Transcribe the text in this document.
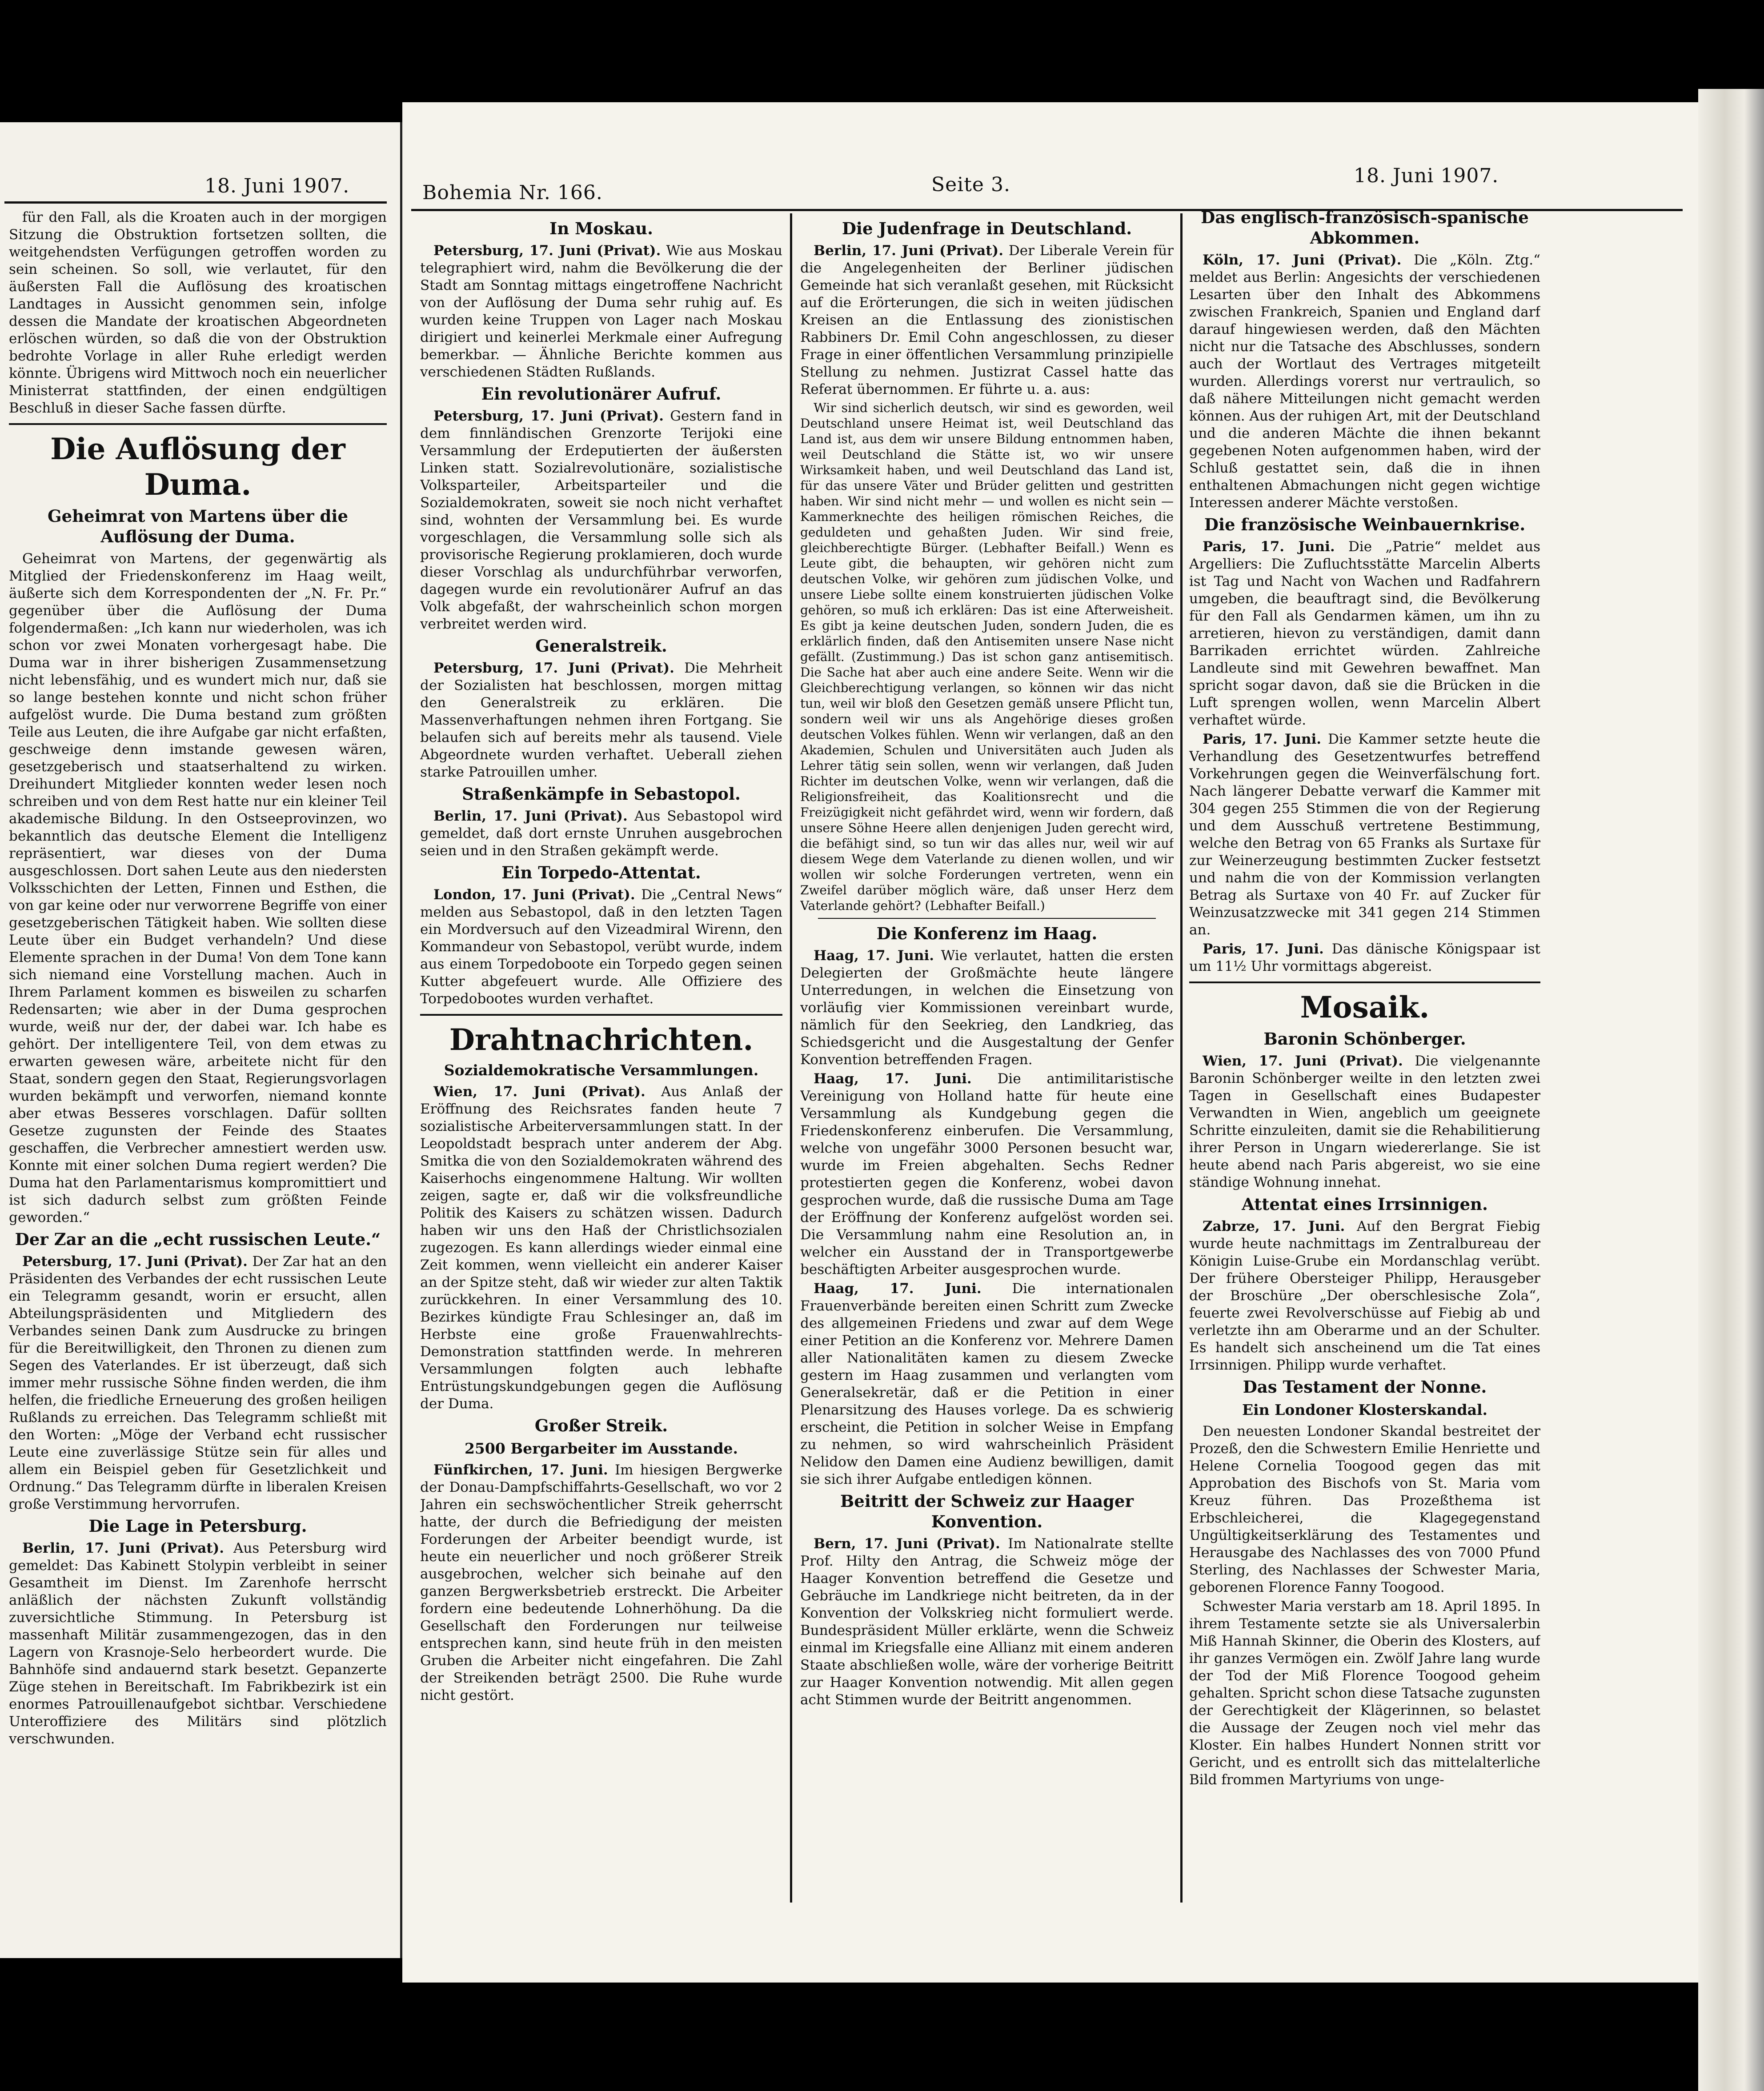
18. Juni 1907.

für den Fall, als die Kroaten auch in der morgigen Sitzung die Obstruktion fortsetzen sollten, die weitgehendsten Verfügungen getroffen worden zu sein scheinen. So soll, wie verlautet, für den äußersten Fall die Auflösung des kroatischen Landtages in Aussicht genommen sein, infolge dessen die Mandate der kroatischen Abgeordneten erlöschen würden, so daß die von der Obstruktion bedrohte Vorlage in aller Ruhe erledigt werden könnte. Übrigens wird Mittwoch noch ein neuerlicher Ministerrat stattfinden, der einen endgültigen Beschluß in dieser Sache fassen dürfte.

Die Auflösung der Duma.
Geheimrat von Martens über die Auflösung der Duma.

Geheimrat von Martens, der gegenwärtig als Mitglied der Friedenskonferenz im Haag weilt, äußerte sich dem Korrespondenten der „N. Fr. Pr.“ gegenüber über die Auflösung der Duma folgendermaßen: „Ich kann nur wiederholen, was ich schon vor zwei Monaten vorhergesagt habe. Die Duma war in ihrer bisherigen Zusammensetzung nicht lebensfähig, und es wundert mich nur, daß sie so lange bestehen konnte und nicht schon früher aufgelöst wurde. Die Duma bestand zum größten Teile aus Leuten, die ihre Aufgabe gar nicht erfaßten, geschweige denn imstande gewesen wären, gesetzgeberisch und staatserhaltend zu wirken. Dreihundert Mitglieder konnten weder lesen noch schreiben und von dem Rest hatte nur ein kleiner Teil akademische Bildung. In den Ostseeprovinzen, wo bekanntlich das deutsche Element die Intelligenz repräsentiert, war dieses von der Duma ausgeschlossen. Dort sahen Leute aus den niedersten Volksschichten der Letten, Finnen und Esthen, die von gar keine oder nur verworrene Begriffe von einer gesetzgeberischen Tätigkeit haben. Wie sollten diese Leute über ein Budget verhandeln? Und diese Elemente sprachen in der Duma! Von dem Tone kann sich niemand eine Vorstellung machen. Auch in Ihrem Parlament kommen es bisweilen zu scharfen Redensarten; wie aber in der Duma gesprochen wurde, weiß nur der, der dabei war. Ich habe es gehört. Der intelligentere Teil, von dem etwas zu erwarten gewesen wäre, arbeitete nicht für den Staat, sondern gegen den Staat, Regierungsvorlagen wurden bekämpft und verworfen, niemand konnte aber etwas Besseres vorschlagen. Dafür sollten Gesetze zugunsten der Feinde des Staates geschaffen, die Verbrecher amnestiert werden usw. Konnte mit einer solchen Duma regiert werden? Die Duma hat den Parlamentarismus kompromittiert und ist sich dadurch selbst zum größten Feinde geworden.“

Der Zar an die „echt russischen Leute.“

Petersburg, 17. Juni (Privat). Der Zar hat an den Präsidenten des Verbandes der echt russischen Leute ein Telegramm gesandt, worin er ersucht, allen Abteilungspräsidenten und Mitgliedern des Verbandes seinen Dank zum Ausdrucke zu bringen für die Bereitwilligkeit, den Thronen zu dienen zum Segen des Vaterlandes. Er ist überzeugt, daß sich immer mehr russische Söhne finden werden, die ihm helfen, die friedliche Erneuerung des großen heiligen Rußlands zu erreichen. Das Telegramm schließt mit den Worten: „Möge der Verband echt russischer Leute eine zuverlässige Stütze sein für alles und allem ein Beispiel geben für Gesetzlichkeit und Ordnung.“ Das Telegramm dürfte in liberalen Kreisen große Verstimmung hervorrufen.

Die Lage in Petersburg.

Berlin, 17. Juni (Privat). Aus Petersburg wird gemeldet: Das Kabinett Stolypin verbleibt in seiner Gesamtheit im Dienst. Im Zarenhofe herrscht anläßlich der nächsten Zukunft vollständig zuversichtliche Stimmung. In Petersburg ist massenhaft Militär zusammengezogen, das in den Lagern von Krasnoje-Selo herbeordert wurde. Die Bahnhöfe sind andauernd stark besetzt. Gepanzerte Züge stehen in Bereitschaft. Im Fabrikbezirk ist ein enormes Patrouillenaufgebot sichtbar. Verschiedene Unteroffiziere des Militärs sind plötzlich verschwunden.

Bohemia Nr. 166.	Seite 3.	18. Juni 1907.
In Moskau.

Petersburg, 17. Juni (Privat). Wie aus Moskau telegraphiert wird, nahm die Bevölkerung die der Stadt am Sonntag mittags eingetroffene Nachricht von der Auflösung der Duma sehr ruhig auf. Es wurden keine Truppen von Lager nach Moskau dirigiert und keinerlei Merkmale einer Aufregung bemerkbar. — Ähnliche Berichte kommen aus verschiedenen Städten Rußlands.

Ein revolutionärer Aufruf.

Petersburg, 17. Juni (Privat). Gestern fand in dem finnländischen Grenzorte Terijoki eine Versammlung der Erdeputierten der äußersten Linken statt. Sozialrevolutionäre, sozialistische Volksparteiler, Arbeitsparteiler und die Sozialdemokraten, soweit sie noch nicht verhaftet sind, wohnten der Versammlung bei. Es wurde vorgeschlagen, die Versammlung solle sich als provisorische Regierung proklamieren, doch wurde dieser Vorschlag als undurchführbar verworfen, dagegen wurde ein revolutionärer Aufruf an das Volk abgefaßt, der wahrscheinlich schon morgen verbreitet werden wird.

Generalstreik.

Petersburg, 17. Juni (Privat). Die Mehrheit der Sozialisten hat beschlossen, morgen mittag den Generalstreik zu erklären. Die Massenverhaftungen nehmen ihren Fortgang. Sie belaufen sich auf bereits mehr als tausend. Viele Abgeordnete wurden verhaftet. Ueberall ziehen starke Patrouillen umher.

Straßenkämpfe in Sebastopol.

Berlin, 17. Juni (Privat). Aus Sebastopol wird gemeldet, daß dort ernste Unruhen ausgebrochen seien und in den Straßen gekämpft werde.

Ein Torpedo-Attentat.

London, 17. Juni (Privat). Die „Central News“ melden aus Sebastopol, daß in den letzten Tagen ein Mordversuch auf den Vizeadmiral Wirenn, den Kommandeur von Sebastopol, verübt wurde, indem aus einem Torpedoboote ein Torpedo gegen seinen Kutter abgefeuert wurde. Alle Offiziere des Torpedobootes wurden verhaftet.

Drahtnachrichten.
Sozialdemokratische Versammlungen.

Wien, 17. Juni (Privat). Aus Anlaß der Eröffnung des Reichsrates fanden heute 7 sozialistische Arbeiterversammlungen statt. In der Leopoldstadt besprach unter anderem der Abg. Smitka die von den Sozialdemokraten während des Kaiserhochs eingenommene Haltung. Wir wollten zeigen, sagte er, daß wir die volksfreundliche Politik des Kaisers zu schätzen wissen. Dadurch haben wir uns den Haß der Christlichsozialen zugezogen. Es kann allerdings wieder einmal eine Zeit kommen, wenn vielleicht ein anderer Kaiser an der Spitze steht, daß wir wieder zur alten Taktik zurückkehren. In einer Versammlung des 10. Bezirkes kündigte Frau Schlesinger an, daß im Herbste eine große Frauenwahlrechts-Demonstration stattfinden werde. In mehreren Versammlungen folgten auch lebhafte Entrüstungskundgebungen gegen die Auflösung der Duma.

Großer Streik.
2500 Bergarbeiter im Ausstande.

Fünfkirchen, 17. Juni. Im hiesigen Bergwerke der Donau-Dampfschiffahrts-Gesellschaft, wo vor 2 Jahren ein sechswöchentlicher Streik geherrscht hatte, der durch die Befriedigung der meisten Forderungen der Arbeiter beendigt wurde, ist heute ein neuerlicher und noch größerer Streik ausgebrochen, welcher sich beinahe auf den ganzen Bergwerksbetrieb erstreckt. Die Arbeiter fordern eine bedeutende Lohnerhöhung. Da die Gesellschaft den Forderungen nur teilweise entsprechen kann, sind heute früh in den meisten Gruben die Arbeiter nicht eingefahren. Die Zahl der Streikenden beträgt 2500. Die Ruhe wurde nicht gestört.

Die Judenfrage in Deutschland.

Berlin, 17. Juni (Privat). Der Liberale Verein für die Angelegenheiten der Berliner jüdischen Gemeinde hat sich veranlaßt gesehen, mit Rücksicht auf die Erörterungen, die sich in weiten jüdischen Kreisen an die Entlassung des zionistischen Rabbiners Dr. Emil Cohn angeschlossen, zu dieser Frage in einer öffentlichen Versammlung prinzipielle Stellung zu nehmen. Justizrat Cassel hatte das Referat übernommen. Er führte u. a. aus:

Wir sind sicherlich deutsch, wir sind es geworden, weil Deutschland unsere Heimat ist, weil Deutschland das Land ist, aus dem wir unsere Bildung entnommen haben, weil Deutschland die Stätte ist, wo wir unsere Wirksamkeit haben, und weil Deutschland das Land ist, für das unsere Väter und Brüder gelitten und gestritten haben. Wir sind nicht mehr — und wollen es nicht sein — Kammerknechte des heiligen römischen Reiches, die geduldeten und gehaßten Juden. Wir sind freie, gleichberechtigte Bürger. (Lebhafter Beifall.) Wenn es Leute gibt, die behaupten, wir gehören nicht zum deutschen Volke, wir gehören zum jüdischen Volke, und unsere Liebe sollte einem konstruierten jüdischen Volke gehören, so muß ich erklären: Das ist eine Afterweisheit. Es gibt ja keine deutschen Juden, sondern Juden, die es erklärlich finden, daß den Antisemiten unsere Nase nicht gefällt. (Zustimmung.) Das ist schon ganz antisemitisch. Die Sache hat aber auch eine andere Seite. Wenn wir die Gleichberechtigung verlangen, so können wir das nicht tun, weil wir bloß den Gesetzen gemäß unsere Pflicht tun, sondern weil wir uns als Angehörige dieses großen deutschen Volkes fühlen. Wenn wir verlangen, daß an den Akademien, Schulen und Universitäten auch Juden als Lehrer tätig sein sollen, wenn wir verlangen, daß Juden Richter im deutschen Volke, wenn wir verlangen, daß die Religionsfreiheit, das Koalitionsrecht und die Freizügigkeit nicht gefährdet wird, wenn wir fordern, daß unsere Söhne Heere allen denjenigen Juden gerecht wird, die befähigt sind, so tun wir das alles nur, weil wir auf diesem Wege dem Vaterlande zu dienen wollen, und wir wollen wir solche Forderungen vertreten, wenn ein Zweifel darüber möglich wäre, daß unser Herz dem Vaterlande gehört? (Lebhafter Beifall.)

Die Konferenz im Haag.

Haag, 17. Juni. Wie verlautet, hatten die ersten Delegierten der Großmächte heute längere Unterredungen, in welchen die Einsetzung von vorläufig vier Kommissionen vereinbart wurde, nämlich für den Seekrieg, den Landkrieg, das Schiedsgericht und die Ausgestaltung der Genfer Konvention betreffenden Fragen.

Haag, 17. Juni. Die antimilitaristische Vereinigung von Holland hatte für heute eine Versammlung als Kundgebung gegen die Friedenskonferenz einberufen. Die Versammlung, welche von ungefähr 3000 Personen besucht war, wurde im Freien abgehalten. Sechs Redner protestierten gegen die Konferenz, wobei davon gesprochen wurde, daß die russische Duma am Tage der Eröffnung der Konferenz aufgelöst worden sei. Die Versammlung nahm eine Resolution an, in welcher ein Ausstand der in Transportgewerbe beschäftigten Arbeiter ausgesprochen wurde.

Haag, 17. Juni. Die internationalen Frauenverbände bereiten einen Schritt zum Zwecke des allgemeinen Friedens und zwar auf dem Wege einer Petition an die Konferenz vor. Mehrere Damen aller Nationalitäten kamen zu diesem Zwecke gestern im Haag zusammen und verlangten vom Generalsekretär, daß er die Petition in einer Plenarsitzung des Hauses vorlege. Da es schwierig erscheint, die Petition in solcher Weise in Empfang zu nehmen, so wird wahrscheinlich Präsident Nelidow den Damen eine Audienz bewilligen, damit sie sich ihrer Aufgabe entledigen können.

Beitritt der Schweiz zur Haager Konvention.

Bern, 17. Juni (Privat). Im Nationalrate stellte Prof. Hilty den Antrag, die Schweiz möge der Haager Konvention betreffend die Gesetze und Gebräuche im Landkriege nicht beitreten, da in der Konvention der Volkskrieg nicht formuliert werde. Bundespräsident Müller erklärte, wenn die Schweiz einmal im Kriegsfalle eine Allianz mit einem anderen Staate abschließen wolle, wäre der vorherige Beitritt zur Haager Konvention notwendig. Mit allen gegen acht Stimmen wurde der Beitritt angenommen.

Das englisch-französisch-spanische Abkommen.

Köln, 17. Juni (Privat). Die „Köln. Ztg.“ meldet aus Berlin: Angesichts der verschiedenen Lesarten über den Inhalt des Abkommens zwischen Frankreich, Spanien und England darf darauf hingewiesen werden, daß den Mächten nicht nur die Tatsache des Abschlusses, sondern auch der Wortlaut des Vertrages mitgeteilt wurden. Allerdings vorerst nur vertraulich, so daß nähere Mitteilungen nicht gemacht werden können. Aus der ruhigen Art, mit der Deutschland und die anderen Mächte die ihnen bekannt gegebenen Noten aufgenommen haben, wird der Schluß gestattet sein, daß die in ihnen enthaltenen Abmachungen nicht gegen wichtige Interessen anderer Mächte verstoßen.

Die französische Weinbauernkrise.

Paris, 17. Juni. Die „Patrie“ meldet aus Argelliers: Die Zufluchtsstätte Marcelin Alberts ist Tag und Nacht von Wachen und Radfahrern umgeben, die beauftragt sind, die Bevölkerung für den Fall als Gendarmen kämen, um ihn zu arretieren, hievon zu verständigen, damit dann Barrikaden errichtet würden. Zahlreiche Landleute sind mit Gewehren bewaffnet. Man spricht sogar davon, daß sie die Brücken in die Luft sprengen wollen, wenn Marcelin Albert verhaftet würde.

Paris, 17. Juni. Die Kammer setzte heute die Verhandlung des Gesetzentwurfes betreffend Vorkehrungen gegen die Weinverfälschung fort. Nach längerer Debatte verwarf die Kammer mit 304 gegen 255 Stimmen die von der Regierung und dem Ausschuß vertretene Bestimmung, welche den Betrag von 65 Franks als Surtaxe für zur Weinerzeugung bestimmten Zucker festsetzt und nahm die von der Kommission verlangten Betrag als Surtaxe von 40 Fr. auf Zucker für Weinzusatzzwecke mit 341 gegen 214 Stimmen an.

Paris, 17. Juni. Das dänische Königspaar ist um 11½ Uhr vormittags abgereist.

Mosaik.
Baronin Schönberger.

Wien, 17. Juni (Privat). Die vielgenannte Baronin Schönberger weilte in den letzten zwei Tagen in Gesellschaft eines Budapester Verwandten in Wien, angeblich um geeignete Schritte einzuleiten, damit sie die Rehabilitierung ihrer Person in Ungarn wiedererlange. Sie ist heute abend nach Paris abgereist, wo sie eine ständige Wohnung innehat.

Attentat eines Irrsinnigen.

Zabrze, 17. Juni. Auf den Bergrat Fiebig wurde heute nachmittags im Zentralbureau der Königin Luise-Grube ein Mordanschlag verübt. Der frühere Obersteiger Philipp, Herausgeber der Broschüre „Der oberschlesische Zola“, feuerte zwei Revolverschüsse auf Fiebig ab und verletzte ihn am Oberarme und an der Schulter. Es handelt sich anscheinend um die Tat eines Irrsinnigen. Philipp wurde verhaftet.

Das Testament der Nonne.
Ein Londoner Klosterskandal.

Den neuesten Londoner Skandal bestreitet der Prozeß, den die Schwestern Emilie Henriette und Helene Cornelia Toogood gegen das mit Approbation des Bischofs von St. Maria vom Kreuz führen. Das Prozeßthema ist Erbschleicherei, die Klagegegenstand Ungültigkeitserklärung des Testamentes und Herausgabe des Nachlasses des von 7000 Pfund Sterling, des Nachlasses der Schwester Maria, geborenen Florence Fanny Toogood.

Schwester Maria verstarb am 18. April 1895. In ihrem Testamente setzte sie als Universalerbin Miß Hannah Skinner, die Oberin des Klosters, auf ihr ganzes Vermögen ein. Zwölf Jahre lang wurde der Tod der Miß Florence Toogood geheim gehalten. Spricht schon diese Tatsache zugunsten der Gerechtigkeit der Klägerinnen, so belastet die Aussage der Zeugen noch viel mehr das Kloster. Ein halbes Hundert Nonnen stritt vor Gericht, und es entrollt sich das mittelalterliche Bild frommen Martyriums von unge-
